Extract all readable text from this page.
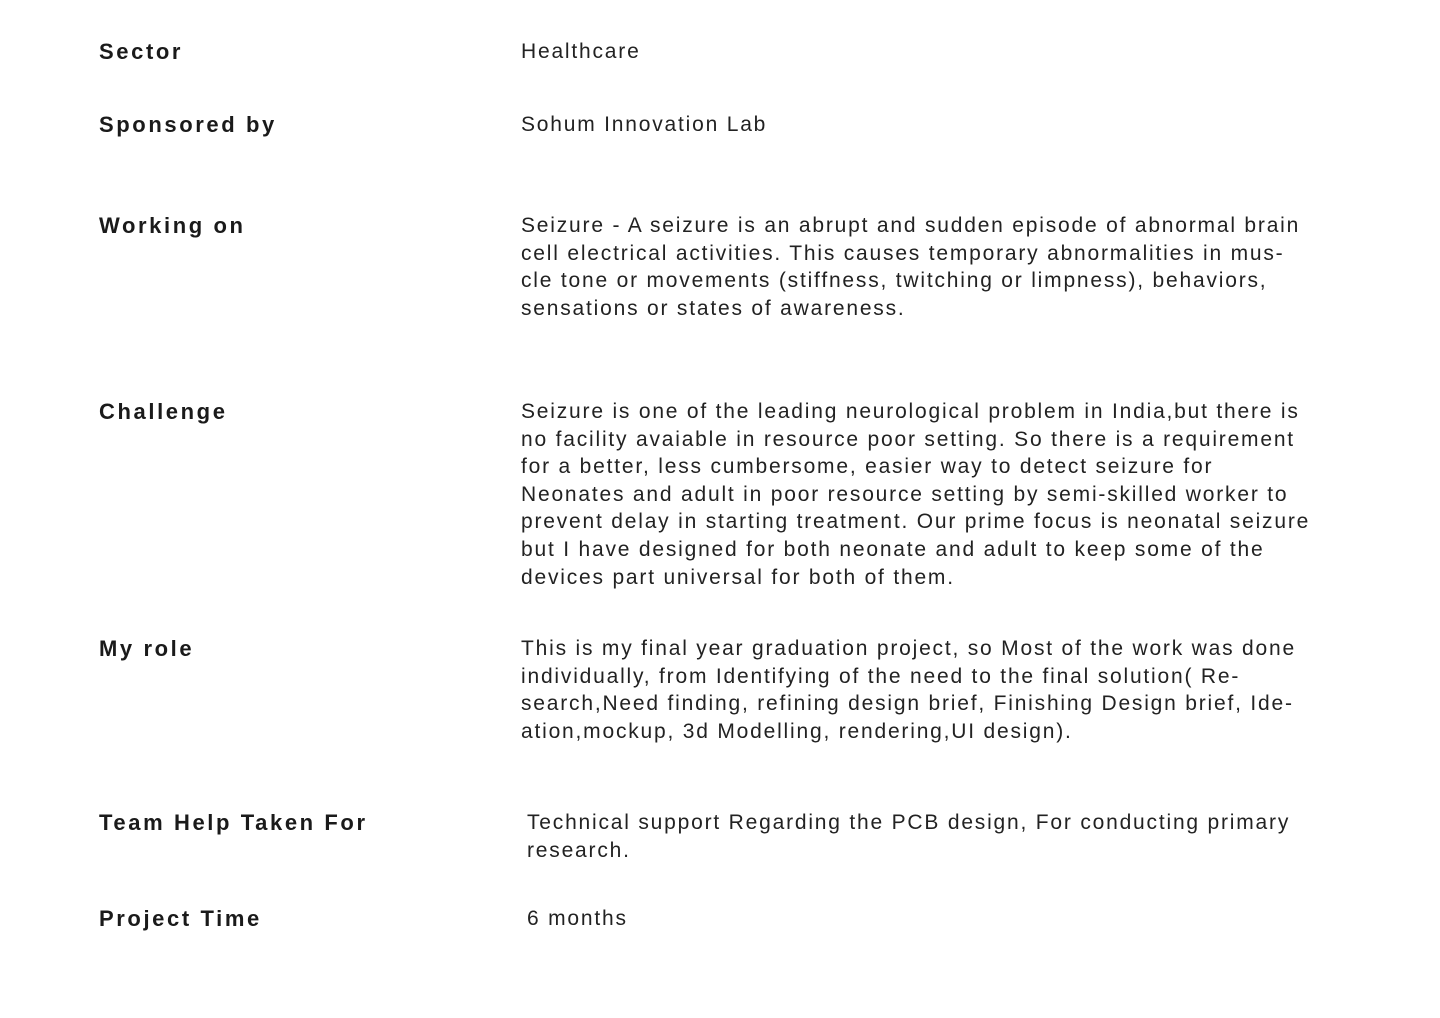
Sector	Healthcare

Sponsored by	Sohum Innovation Lab

Working on	Seizure - A seizure is an abrupt and sudden episode of abnormal brain

cell electrical activities. This causes temporary abnormalities in mus-

cle tone or movements (stiffness, twitching or limpness), behaviors,

sensations or states of awareness.

Challenge	Seizure is one of the leading neurological problem in India,but there is

no facility avaiable in resource poor setting. So there is a requirement

for a better, less cumbersome, easier way to detect seizure for

Neonates and adult in poor resource setting by semi-skilled worker to

prevent delay in starting treatment. Our prime focus is neonatal seizure

but I have designed for both neonate and adult to keep some of the

devices part universal for both of them.

My role	This is my final year graduation project, so Most of the work was done

individually, from Identifying of the need to the final solution( Re-

search,Need finding, refining design brief, Finishing Design brief, Ide-

ation,mockup, 3d Modelling, rendering,UI design).

Team Help Taken For	Technical support Regarding the PCB design, For conducting primary

research.

Project Time	6 months
